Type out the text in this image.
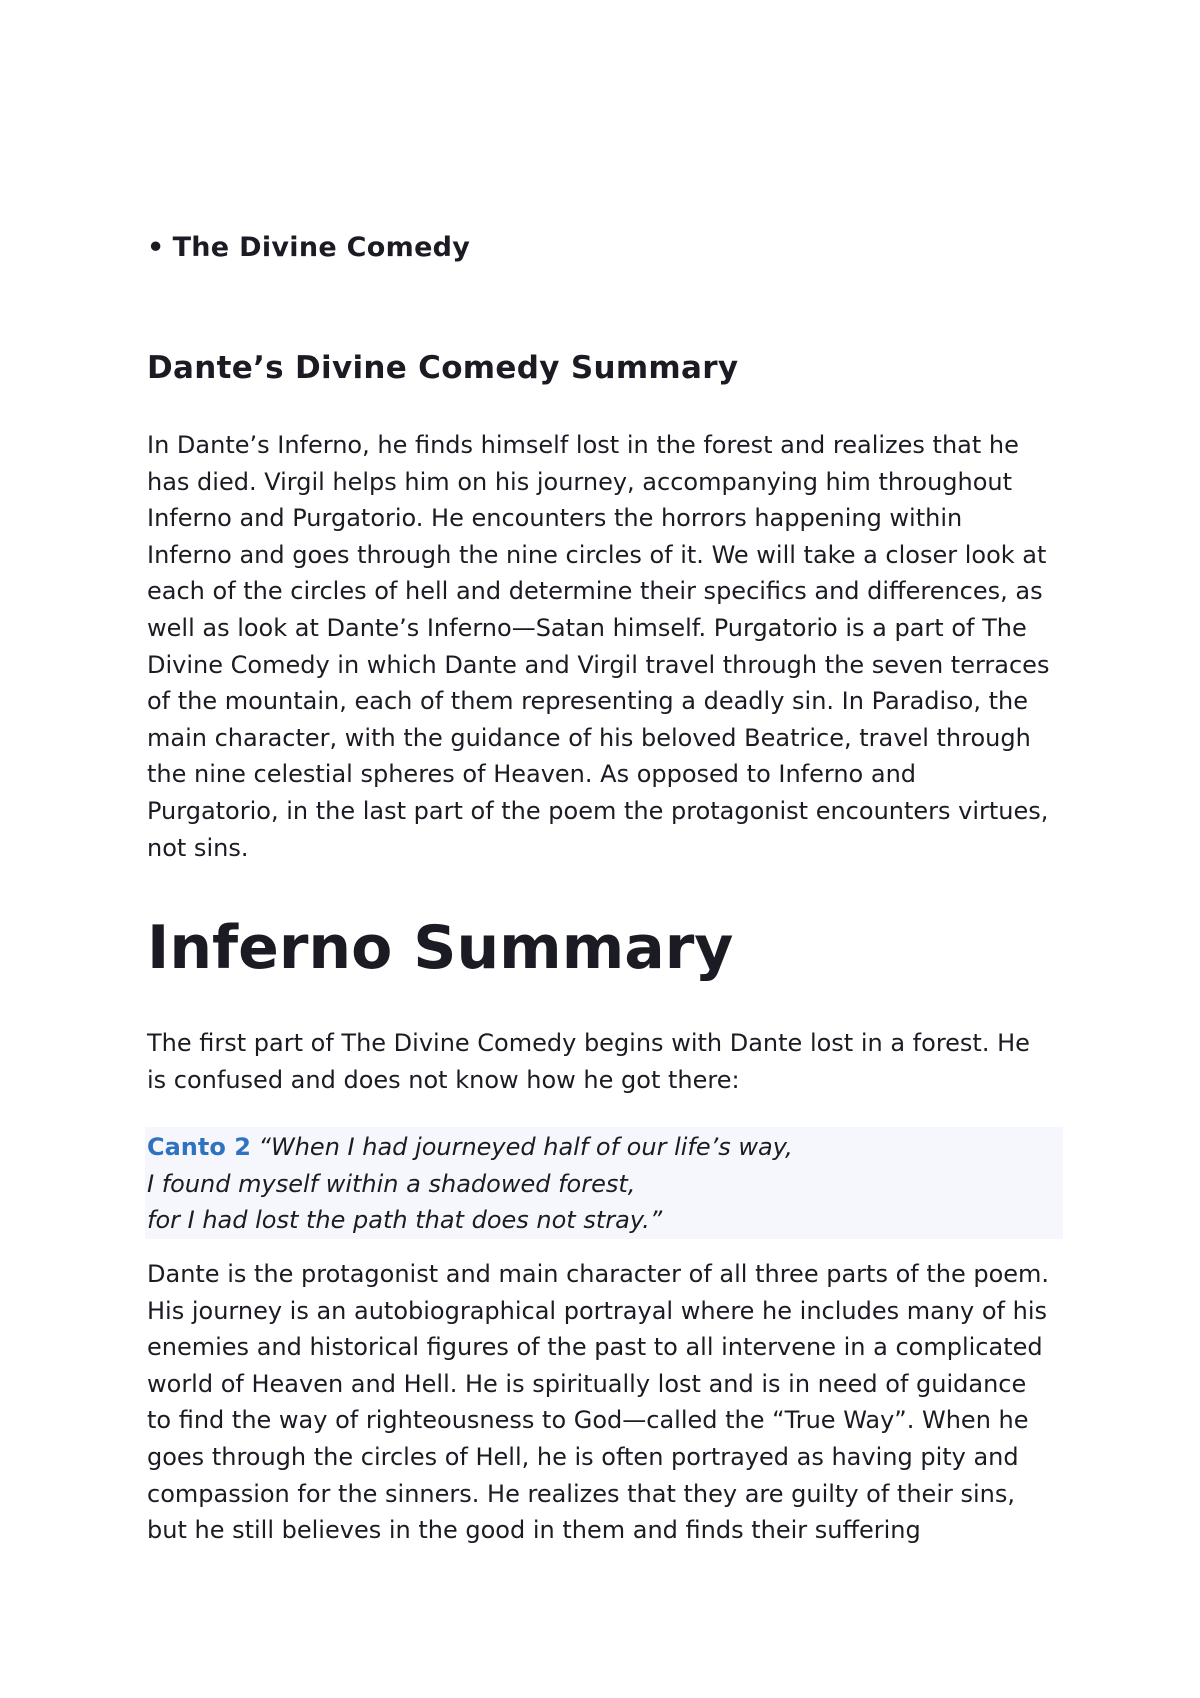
• The Divine Comedy
Dante’s Divine Comedy Summary

In Dante’s Inferno, he finds himself lost in the forest and realizes that he
has died. Virgil helps him on his journey, accompanying him throughout
Inferno and Purgatorio. He encounters the horrors happening within
Inferno and goes through the nine circles of it. We will take a closer look at
each of the circles of hell and determine their specifics and differences, as
well as look at Dante’s Inferno—Satan himself. Purgatorio is a part of The
Divine Comedy in which Dante and Virgil travel through the seven terraces
of the mountain, each of them representing a deadly sin. In Paradiso, the
main character, with the guidance of his beloved Beatrice, travel through
the nine celestial spheres of Heaven. As opposed to Inferno and
Purgatorio, in the last part of the poem the protagonist encounters virtues,
not sins.

Inferno Summary

The first part of The Divine Comedy begins with Dante lost in a forest. He
is confused and does not know how he got there:

Canto 2 “When I had journeyed half of our life’s way,
I found myself within a shadowed forest,
for I had lost the path that does not stray.”

Dante is the protagonist and main character of all three parts of the poem.
His journey is an autobiographical portrayal where he includes many of his
enemies and historical figures of the past to all intervene in a complicated
world of Heaven and Hell. He is spiritually lost and is in need of guidance
to find the way of righteousness to God—called the “True Way”. When he
goes through the circles of Hell, he is often portrayed as having pity and
compassion for the sinners. He realizes that they are guilty of their sins,
but he still believes in the good in them and finds their suffering
